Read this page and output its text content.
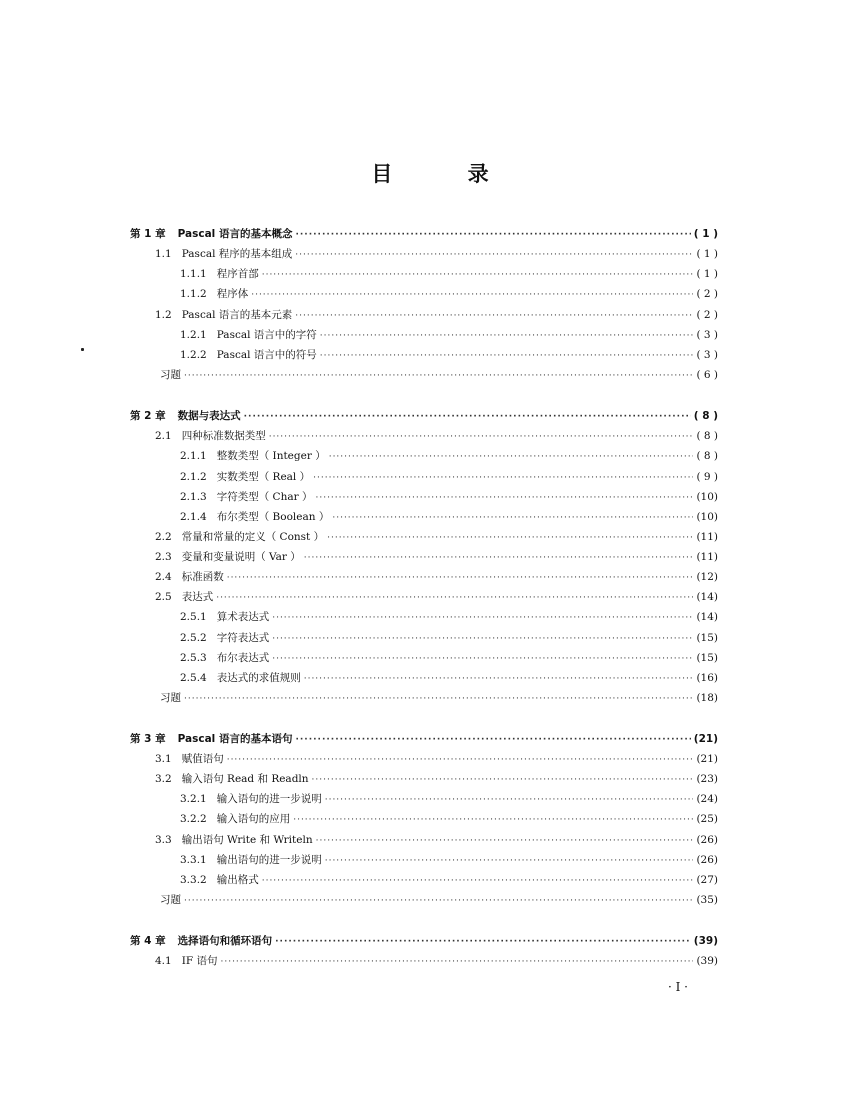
目 录
第 1 章 Pascal 语言的基本概念 ·····	( 1 )
1.1 Pascal 程序的基本组成 ·····	( 1 )
1.1.1 程序首部 ·····	( 1 )
1.1.2 程序体 ·····	( 2 )
1.2 Pascal 语言的基本元素 ·····	( 2 )
1.2.1 Pascal 语言中的字符 ·····	( 3 )
1.2.2 Pascal 语言中的符号 ·····	( 3 )
习题 ·····	( 6 )
第 2 章 数据与表达式 ·····	( 8 )
2.1 四种标准数据类型 ·····	( 8 )
2.1.1 整数类型（ Integer ） ·····	( 8 )
2.1.2 实数类型（ Real ） ·····	( 9 )
2.1.3 字符类型（ Char ） ·····	(10)
2.1.4 布尔类型（ Boolean ） ·····	(10)
2.2 常量和常量的定义（ Const ） ·····	(11)
2.3 变量和变量说明（ Var ） ·····	(11)
2.4 标准函数 ·····	(12)
2.5 表达式 ·····	(14)
2.5.1 算术表达式 ·····	(14)
2.5.2 字符表达式 ·····	(15)
2.5.3 布尔表达式 ·····	(15)
2.5.4 表达式的求值规则 ·····	(16)
习题 ·····	(18)
第 3 章 Pascal 语言的基本语句 ·····	(21)
3.1 赋值语句 ·····	(21)
3.2 输入语句 Read 和 Readln ·····	(23)
3.2.1 输入语句的进一步说明 ·····	(24)
3.2.2 输入语句的应用 ·····	(25)
3.3 输出语句 Write 和 Writeln ·····	(26)
3.3.1 输出语句的进一步说明 ·····	(26)
3.3.2 输出格式 ·····	(27)
习题 ·····	(35)
第 4 章 选择语句和循环语句 ·····	(39)
4.1 IF 语句 ·····	(39)
· I ·
